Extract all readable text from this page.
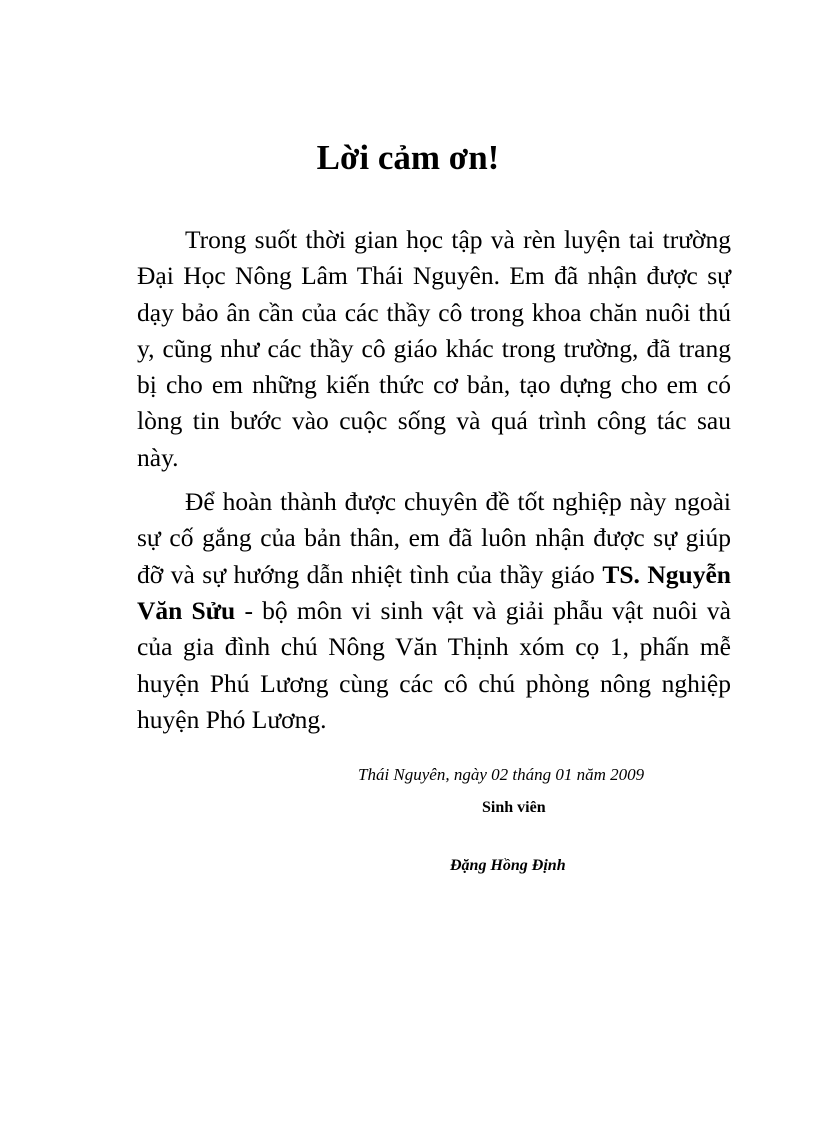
Lời cảm ơn!

Trong suốt thời gian học tập và rèn luyện tai trường Đại Học Nông Lâm Thái Nguyên. Em đã nhận được sự dạy bảo ân cần của các thầy cô trong khoa chăn nuôi thú y, cũng như các thầy cô giáo khác trong trường, đã trang bị cho em những kiến thức cơ bản, tạo dựng cho em có lòng tin bước vào cuộc sống và quá trình công tác sau này.

Để hoàn thành được chuyên đề tốt nghiệp này ngoài sự cố gắng của bản thân, em đã luôn nhận được sự giúp đỡ và sự hướng dẫn nhiệt tình của thầy giáo TS. Nguyễn Văn Sửu - bộ môn vi sinh vật và giải phẫu vật nuôi và của gia đình chú Nông Văn Thịnh xóm cọ 1, phấn mễ huyện Phú Lương cùng các cô chú phòng nông nghiệp huyện Phó Lương.

Thái Nguyên, ngày 02 tháng 01 năm 2009
Sinh viên
Đặng Hồng Định
